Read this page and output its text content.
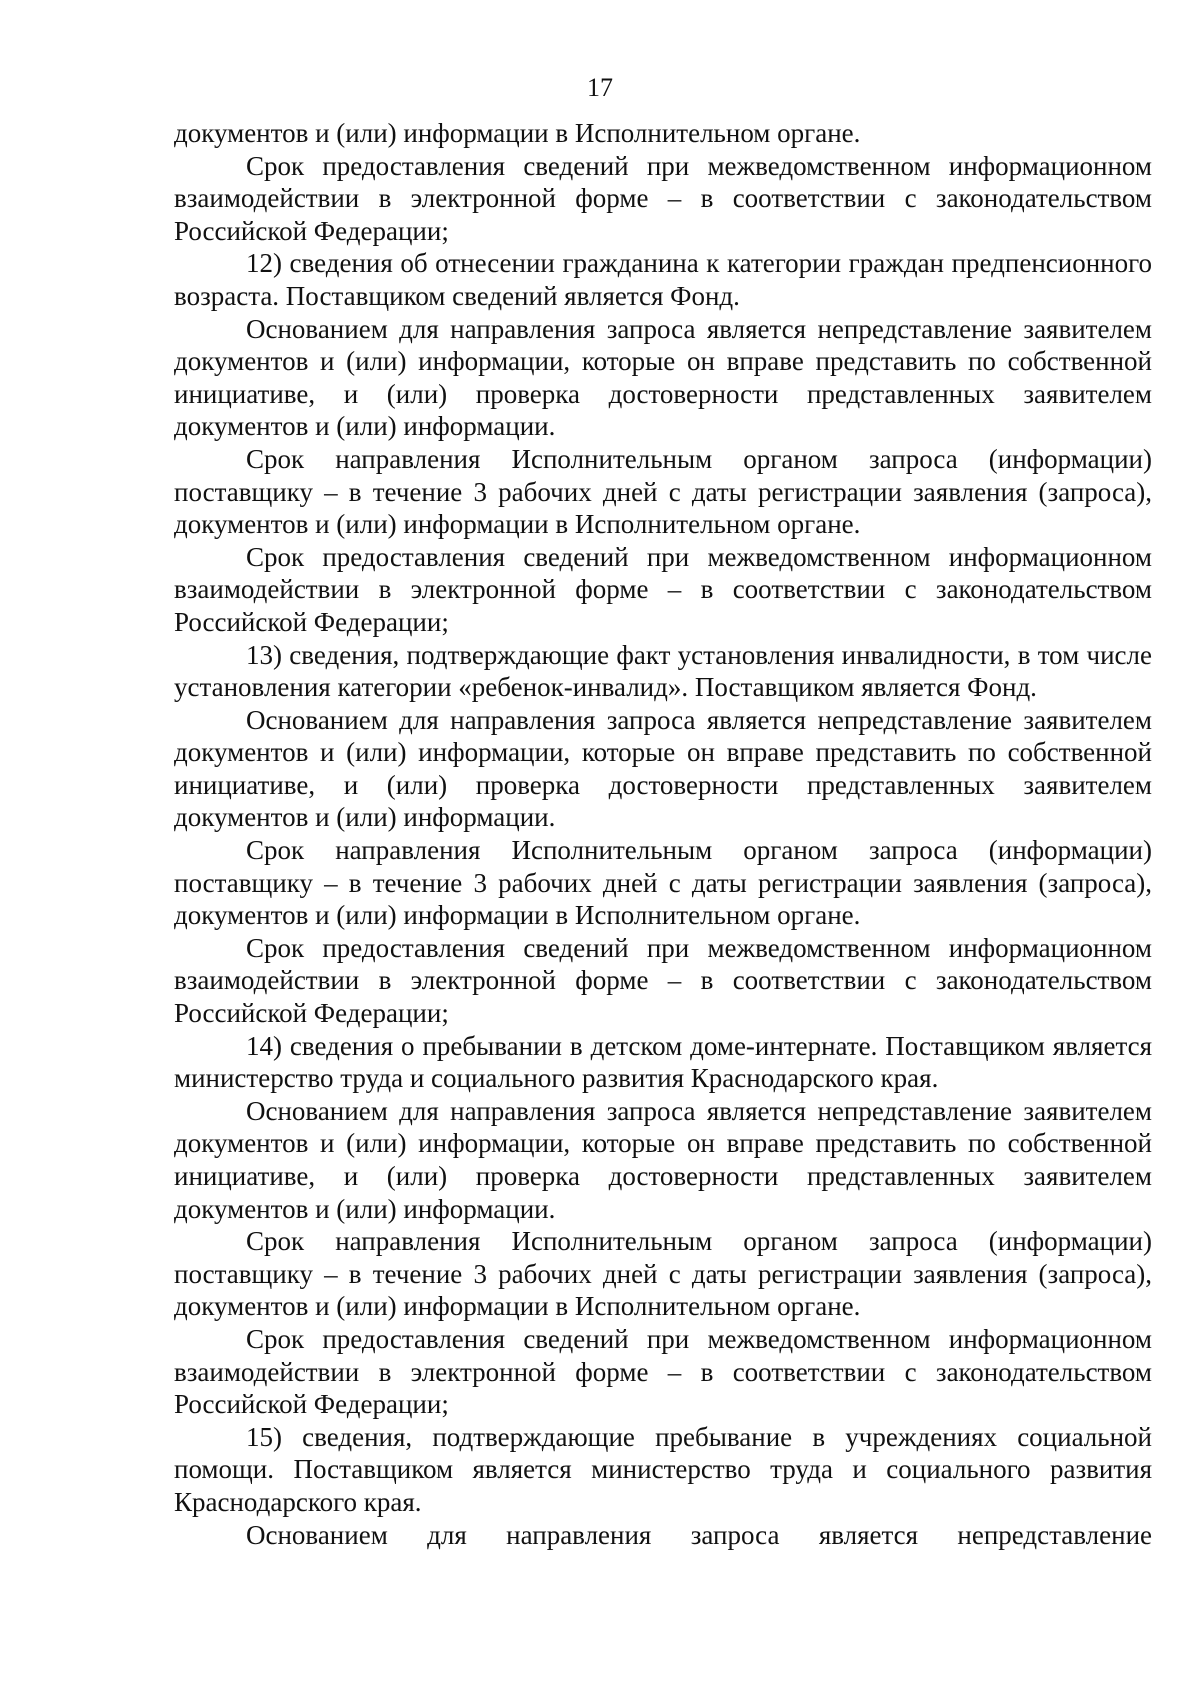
17

документов и (или) информации в Исполнительном органе.

Срок предоставления сведений при межведомственном информационном взаимодействии в электронной форме – в соответствии с законодательством Российской Федерации;

12) сведения об отнесении гражданина к категории граждан предпенсионного возраста. Поставщиком сведений является Фонд.

Основанием для направления запроса является непредставление заявителем документов и (или) информации, которые он вправе представить по собственной инициативе, и (или) проверка достоверности представленных заявителем документов и (или) информации.

Срок направления Исполнительным органом запроса (информации) поставщику – в течение 3 рабочих дней с даты регистрации заявления (запроса), документов и (или) информации в Исполнительном органе.

Срок предоставления сведений при межведомственном информационном взаимодействии в электронной форме – в соответствии с законодательством Российской Федерации;

13) сведения, подтверждающие факт установления инвалидности, в том числе установления категории «ребенок-инвалид». Поставщиком является Фонд.

Основанием для направления запроса является непредставление заявителем документов и (или) информации, которые он вправе представить по собственной инициативе, и (или) проверка достоверности представленных заявителем документов и (или) информации.

Срок направления Исполнительным органом запроса (информации) поставщику – в течение 3 рабочих дней с даты регистрации заявления (запроса), документов и (или) информации в Исполнительном органе.

Срок предоставления сведений при межведомственном информационном взаимодействии в электронной форме – в соответствии с законодательством Российской Федерации;

14) сведения о пребывании в детском доме-интернате. Поставщиком является министерство труда и социального развития Краснодарского края.

Основанием для направления запроса является непредставление заявителем документов и (или) информации, которые он вправе представить по собственной инициативе, и (или) проверка достоверности представленных заявителем документов и (или) информации.

Срок направления Исполнительным органом запроса (информации) поставщику – в течение 3 рабочих дней с даты регистрации заявления (запроса), документов и (или) информации в Исполнительном органе.

Срок предоставления сведений при межведомственном информационном взаимодействии в электронной форме – в соответствии с законодательством Российской Федерации;

15) сведения, подтверждающие пребывание в учреждениях социальной помощи. Поставщиком является министерство труда и социального развития Краснодарского края.

Основанием для направления запроса является непредставление
